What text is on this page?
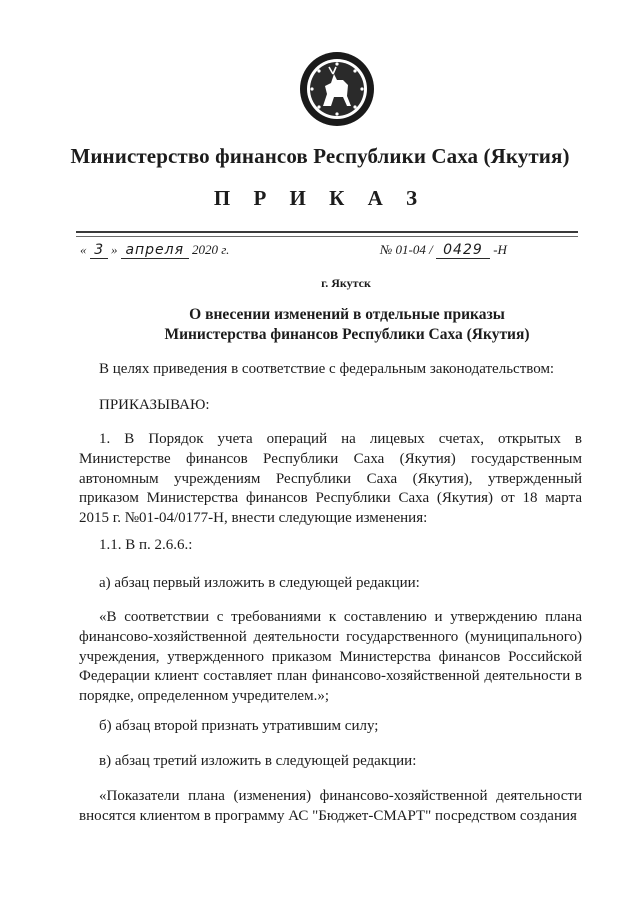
Министерство финансов Республики Саха (Якутия)
П Р И К А З
« 3 » апреля 2020 г.	№ 01-04 / 0429 -Н
г. Якутск
О внесении изменений в отдельные приказы
Министерства финансов Республики Саха (Якутия)
В целях приведения в соответствие с федеральным законодательством:
ПРИКАЗЫВАЮ:
1. В Порядок учета операций на лицевых счетах, открытых в Министерстве финансов Республики Саха (Якутия) государственным автономным учреждениям Республики Саха (Якутия), утвержденный приказом Министерства финансов Республики Саха (Якутия) от 18 марта 2015 г. №01-04/0177-Н, внести следующие изменения:
1.1. В п. 2.6.6.:
а) абзац первый изложить в следующей редакции:
«В соответствии с требованиями к составлению и утверждению плана финансово-хозяйственной деятельности государственного (муниципального) учреждения, утвержденного приказом Министерства финансов Российской Федерации клиент составляет план финансово-хозяйственной деятельности в порядке, определенном учредителем.»;
б) абзац второй признать утратившим силу;
в) абзац третий изложить в следующей редакции:
«Показатели плана (изменения) финансово-хозяйственной деятельности вносятся клиентом в программу АС "Бюджет-СМАРТ" посредством создания
